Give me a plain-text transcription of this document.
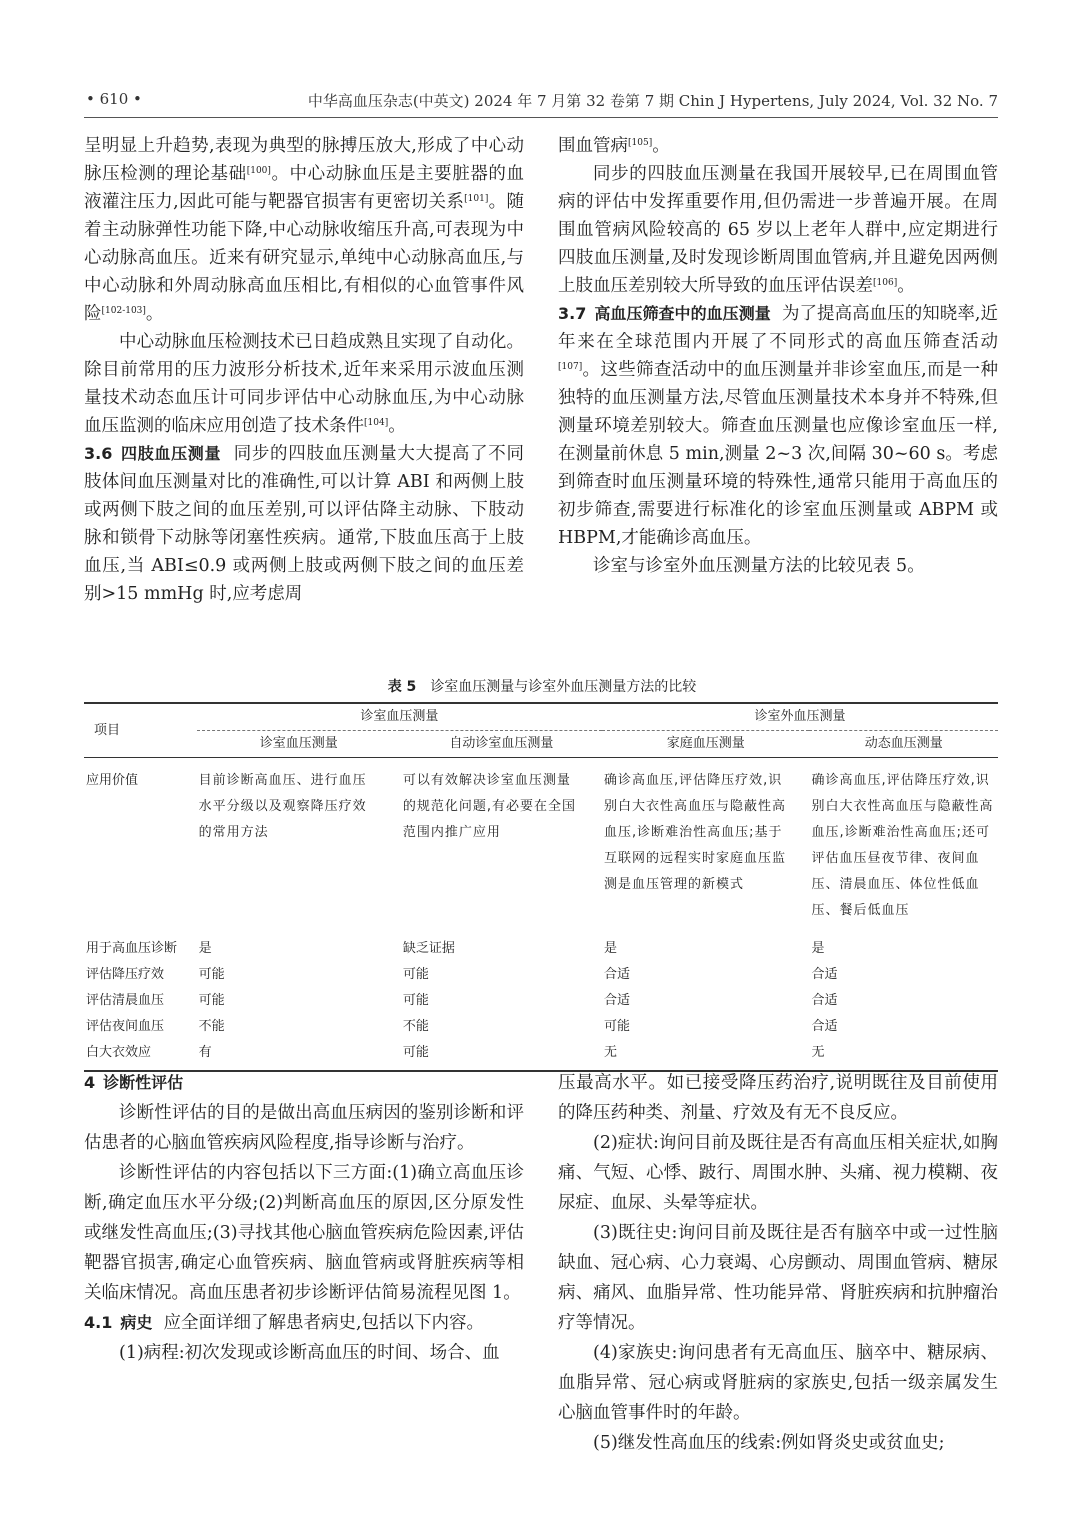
• 610 •	中华高血压杂志(中英文) 2024 年 7 月第 32 卷第 7 期 Chin J Hypertens, July 2024, Vol. 32 No. 7

呈明显上升趋势,表现为典型的脉搏压放大,形成了中心动脉压检测的理论基础[100]。中心动脉血压是主要脏器的血液灌注压力,因此可能与靶器官损害有更密切关系[101]。随着主动脉弹性功能下降,中心动脉收缩压升高,可表现为中心动脉高血压。近来有研究显示,单纯中心动脉高血压,与中心动脉和外周动脉高血压相比,有相似的心血管事件风险[102-103]。

中心动脉血压检测技术已日趋成熟且实现了自动化。除目前常用的压力波形分析技术,近年来采用示波血压测量技术动态血压计可同步评估中心动脉血压,为中心动脉血压监测的临床应用创造了技术条件[104]。

3.6 四肢血压测量 同步的四肢血压测量大大提高了不同肢体间血压测量对比的准确性,可以计算 ABI 和两侧上肢或两侧下肢之间的血压差别,可以评估降主动脉、下肢动脉和锁骨下动脉等闭塞性疾病。通常,下肢血压高于上肢血压,当 ABI≤0.9 或两侧上肢或两侧下肢之间的血压差别>15 mmHg 时,应考虑周

围血管病[105]。

同步的四肢血压测量在我国开展较早,已在周围血管病的评估中发挥重要作用,但仍需进一步普遍开展。在周围血管病风险较高的 65 岁以上老年人群中,应定期进行四肢血压测量,及时发现诊断周围血管病,并且避免因两侧上肢血压差别较大所导致的血压评估误差[106]。

3.7 高血压筛查中的血压测量 为了提高高血压的知晓率,近年来在全球范围内开展了不同形式的高血压筛查活动[107]。这些筛查活动中的血压测量并非诊室血压,而是一种独特的血压测量方法,尽管血压测量技术本身并不特殊,但测量环境差别较大。筛查血压测量也应像诊室血压一样,在测量前休息 5 min,测量 2~3 次,间隔 30~60 s。考虑到筛查时血压测量环境的特殊性,通常只能用于高血压的初步筛查,需要进行标准化的诊室血压测量或 ABPM 或 HBPM,才能确诊高血压。

诊室与诊室外血压测量方法的比较见表 5。

表 5 诊室血压测量与诊室外血压测量方法的比较
项目	诊室血压测量		诊室外血压测量	
	诊室血压测量	自动诊室血压测量	家庭血压测量	动态血压测量
应用价值	目前诊断高血压、进行血压水平分级以及观察降压疗效的常用方法	可以有效解决诊室血压测量的规范化问题,有必要在全国范围内推广应用	确诊高血压,评估降压疗效,识别白大衣性高血压与隐蔽性高血压,诊断难治性高血压;基于互联网的远程实时家庭血压监测是血压管理的新模式	确诊高血压,评估降压疗效,识别白大衣性高血压与隐蔽性高血压,诊断难治性高血压;还可评估血压昼夜节律、夜间血压、清晨血压、体位性低血压、餐后低血压
用于高血压诊断	是	缺乏证据	是	是
评估降压疗效	可能	可能	合适	合适
评估清晨血压	可能	可能	合适	合适
评估夜间血压	不能	不能	可能	合适
白大衣效应	有	可能	无	无

4 诊断性评估

诊断性评估的目的是做出高血压病因的鉴别诊断和评估患者的心脑血管疾病风险程度,指导诊断与治疗。

诊断性评估的内容包括以下三方面:(1)确立高血压诊断,确定血压水平分级;(2)判断高血压的原因,区分原发性或继发性高血压;(3)寻找其他心脑血管疾病危险因素,评估靶器官损害,确定心血管疾病、脑血管病或肾脏疾病等相关临床情况。高血压患者初步诊断评估简易流程见图 1。

4.1 病史 应全面详细了解患者病史,包括以下内容。

(1)病程:初次发现或诊断高血压的时间、场合、血

压最高水平。如已接受降压药治疗,说明既往及目前使用的降压药种类、剂量、疗效及有无不良反应。

(2)症状:询问目前及既往是否有高血压相关症状,如胸痛、气短、心悸、跛行、周围水肿、头痛、视力模糊、夜尿症、血尿、头晕等症状。

(3)既往史:询问目前及既往是否有脑卒中或一过性脑缺血、冠心病、心力衰竭、心房颤动、周围血管病、糖尿病、痛风、血脂异常、性功能异常、肾脏疾病和抗肿瘤治疗等情况。

(4)家族史:询问患者有无高血压、脑卒中、糖尿病、血脂异常、冠心病或肾脏病的家族史,包括一级亲属发生心脑血管事件时的年龄。

(5)继发性高血压的线索:例如肾炎史或贫血史;
